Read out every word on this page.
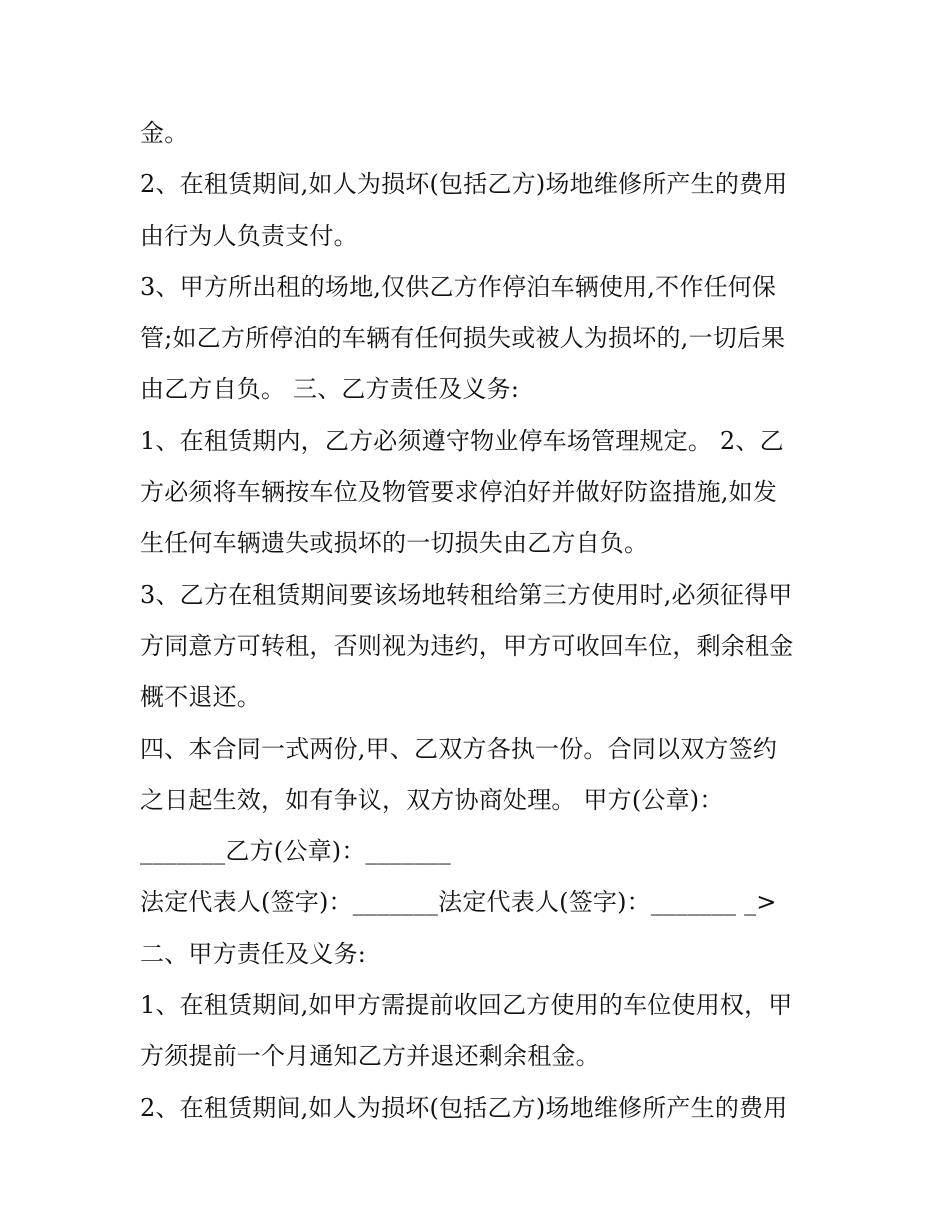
金。
2、在租赁期间,如人为损坏(包括乙方)场地维修所产生的费用
由行为人负责支付。
3、甲方所出租的场地,仅供乙方作停泊车辆使用,不作任何保
管;如乙方所停泊的车辆有任何损失或被人为损坏的,一切后果
由乙方自负。 三、乙方责任及义务:
1、在租赁期内，乙方必须遵守物业停车场管理规定。 2、乙
方必须将车辆按车位及物管要求停泊好并做好防盗措施,如发
生任何车辆遗失或损坏的一切损失由乙方自负。
3、乙方在租赁期间要该场地转租给第三方使用时,必须征得甲
方同意方可转租，否则视为违约，甲方可收回车位，剩余租金
概不退还。
四、本合同一式两份,甲、乙双方各执一份。合同以双方签约
之日起生效，如有争议，双方协商处理。 甲方(公章)：
_______乙方(公章)：_______
法定代表人(签字)：_______法定代表人(签字)：_______ _>
二、甲方责任及义务:
1、在租赁期间,如甲方需提前收回乙方使用的车位使用权，甲
方须提前一个月通知乙方并退还剩余租金。
2、在租赁期间,如人为损坏(包括乙方)场地维修所产生的费用
